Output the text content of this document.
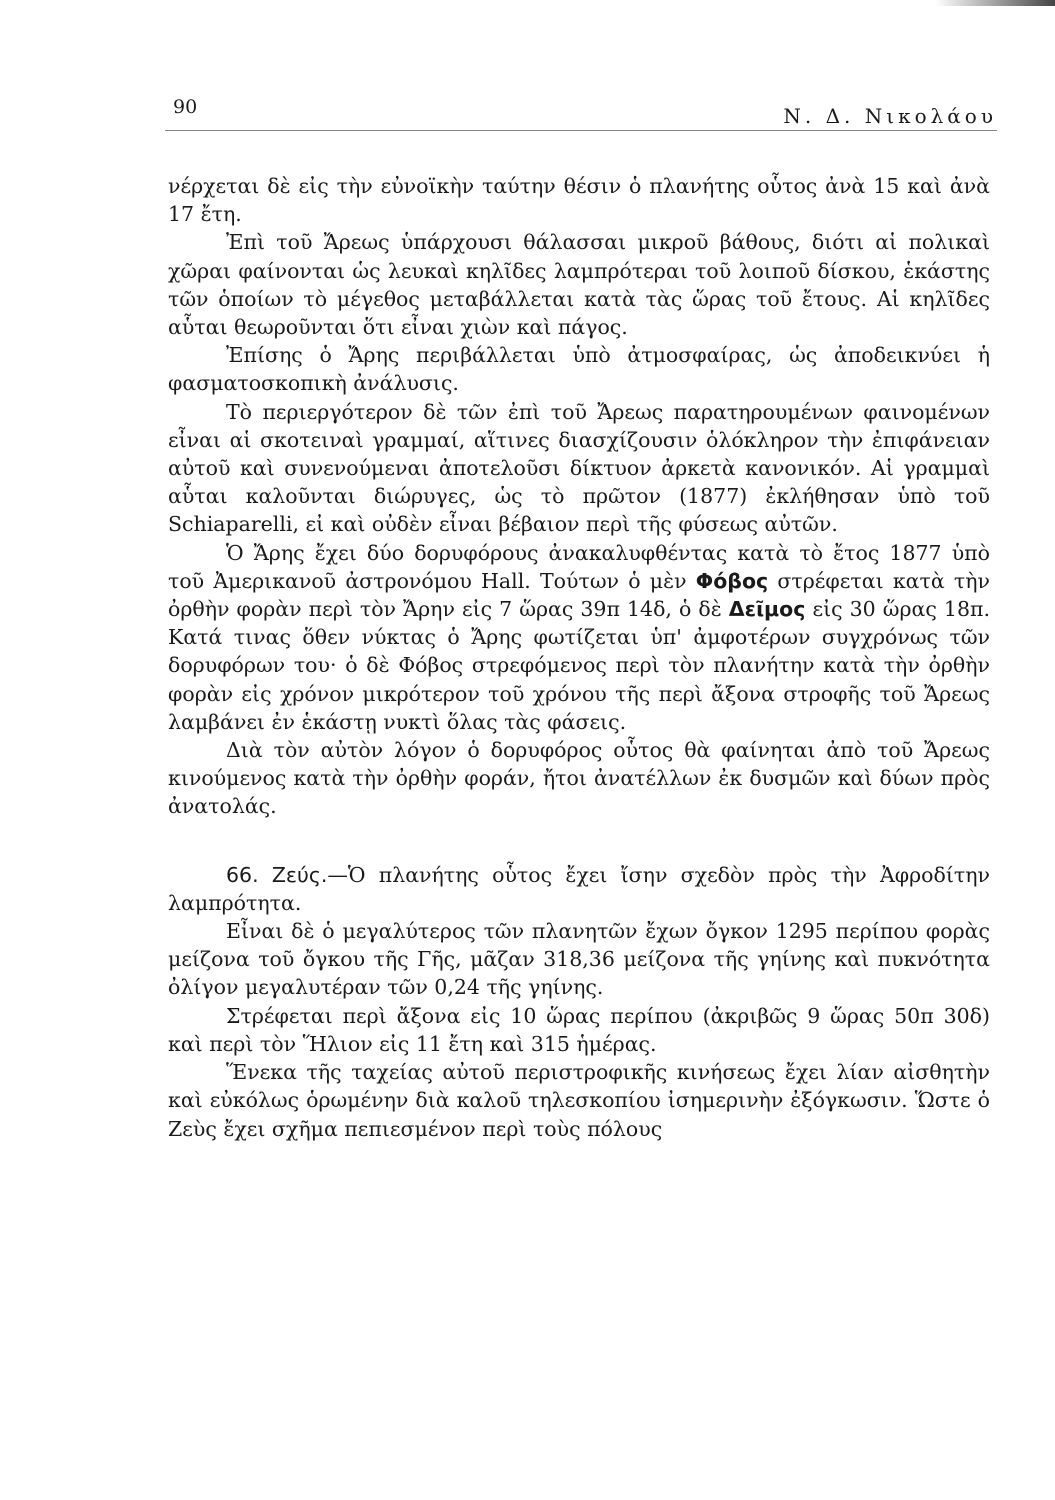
90	Ν. Δ. Νικολάου

νέρχεται δὲ εἰς τὴν εὐνοϊκὴν ταύτην θέσιν ὁ πλανήτης οὗτος ἀνὰ 15 καὶ ἀνὰ 17 ἔτη.

Ἐπὶ τοῦ Ἄρεως ὑπάρχουσι θάλασσαι μικροῦ βάθους, διότι αἱ πολικαὶ χῶραι φαίνονται ὡς λευκαὶ κηλῖδες λαμπρότεραι τοῦ λοιποῦ δίσκου, ἑκάστης τῶν ὁποίων τὸ μέγεθος μεταβάλλεται κατὰ τὰς ὥρας τοῦ ἔτους. Αἱ κηλῖδες αὗται θεωροῦνται ὅτι εἶναι χιὼν καὶ πάγος.

Ἐπίσης ὁ Ἄρης περιβάλλεται ὑπὸ ἀτμοσφαίρας, ὡς ἀποδεικνύει ἡ φασματοσκοπικὴ ἀνάλυσις.

Τὸ περιεργότερον δὲ τῶν ἐπὶ τοῦ Ἄρεως παρατηρουμένων φαινομένων εἶναι αἱ σκοτειναὶ γραμμαί, αἵτινες διασχίζουσιν ὁλόκληρον τὴν ἐπιφάνειαν αὐτοῦ καὶ συνενούμεναι ἀποτελοῦσι δίκτυον ἀρκετὰ κανονικόν. Αἱ γραμμαὶ αὗται καλοῦνται διώρυγες, ὡς τὸ πρῶτον (1877) ἐκλήθησαν ὑπὸ τοῦ Schiaparelli, εἰ καὶ οὐδὲν εἶναι βέβαιον περὶ τῆς φύσεως αὐτῶν.

Ὁ Ἄρης ἔχει δύο δορυφόρους ἀνακαλυφθέντας κατὰ τὸ ἔτος 1877 ὑπὸ τοῦ Ἀμερικανοῦ ἀστρονόμου Hall. Τούτων ὁ μὲν Φόβος στρέφεται κατὰ τὴν ὀρθὴν φορὰν περὶ τὸν Ἄρην εἰς 7 ὥρας 39π 14δ, ὁ δὲ Δεῖμος εἰς 30 ὥρας 18π. Κατά τινας ὅθεν νύκτας ὁ Ἄρης φωτίζεται ὑπ' ἀμφοτέρων συγχρόνως τῶν δορυφόρων του· ὁ δὲ Φόβος στρεφόμενος περὶ τὸν πλανήτην κατὰ τὴν ὀρθὴν φορὰν εἰς χρόνον μικρότερον τοῦ χρόνου τῆς περὶ ἄξονα στροφῆς τοῦ Ἄρεως λαμβάνει ἐν ἑκάστῃ νυκτὶ ὅλας τὰς φάσεις.

Διὰ τὸν αὐτὸν λόγον ὁ δορυφόρος οὗτος θὰ φαίνηται ἀπὸ τοῦ Ἄρεως κινούμενος κατὰ τὴν ὀρθὴν φοράν, ἤτοι ἀνατέλλων ἐκ δυσμῶν καὶ δύων πρὸς ἀνατολάς.

66. Ζεύς.—Ὁ πλανήτης οὗτος ἔχει ἴσην σχεδὸν πρὸς τὴν Ἀφροδίτην λαμπρότητα.

Εἶναι δὲ ὁ μεγαλύτερος τῶν πλανητῶν ἔχων ὄγκον 1295 περίπου φορὰς μείζονα τοῦ ὄγκου τῆς Γῆς, μᾶζαν 318,36 μείζονα τῆς γηίνης καὶ πυκνότητα ὀλίγον μεγαλυτέραν τῶν 0,24 τῆς γηίνης.

Στρέφεται περὶ ἄξονα εἰς 10 ὥρας περίπου (ἀκριβῶς 9 ὥρας 50π 30δ) καὶ περὶ τὸν Ἥλιον εἰς 11 ἔτη καὶ 315 ἡμέρας.

Ἕνεκα τῆς ταχείας αὐτοῦ περιστροφικῆς κινήσεως ἔχει λίαν αἰσθητὴν καὶ εὐκόλως ὁρωμένην διὰ καλοῦ τηλεσκοπίου ἰσημερινὴν ἐξόγκωσιν. Ὥστε ὁ Ζεὺς ἔχει σχῆμα πεπιεσμένον περὶ τοὺς πόλους
